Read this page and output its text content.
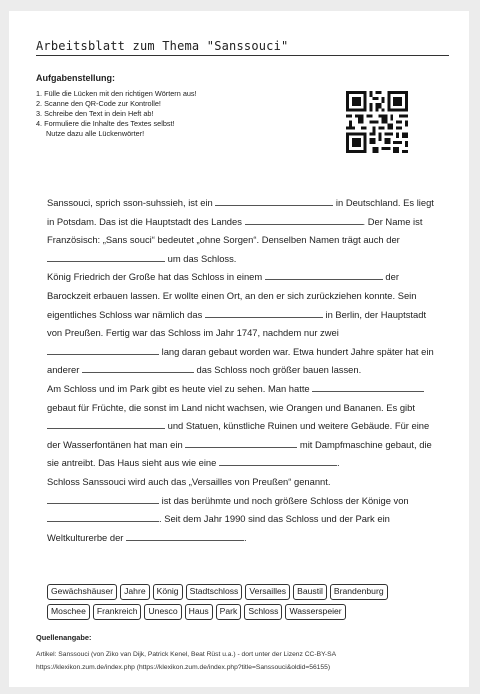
Arbeitsblatt zum Thema "Sanssouci"
Aufgabenstellung:
1. Fülle die Lücken mit den richtigen Wörtern aus!
2. Scanne den QR-Code zur Kontrolle!
3. Schreibe den Text in dein Heft ab!
4. Formuliere die Inhalte des Textes selbst!
Nutze dazu alle Lückenwörter!

Sanssouci, sprich sson-suhssieh, ist ein	in Deutschland. Es liegt in Potsdam. Das ist die Hauptstadt des Landes	. Der Name ist Französisch: „Sans souci“ bedeutet „ohne Sorgen“. Denselben Namen trägt auch der  um das Schloss.

König Friedrich der Große hat das Schloss in einem	der Barockzeit erbauen lassen. Er wollte einen Ort, an den er sich zurückziehen konnte. Sein eigentliches Schloss war nämlich das	in Berlin, der Hauptstadt von Preußen. Fertig war das Schloss im Jahr 1747, nachdem nur zwei  lang daran gebaut worden war. Etwa hundert Jahre später hat ein anderer	das Schloss noch größer bauen lassen.

Am Schloss und im Park gibt es heute viel zu sehen. Man hatte  gebaut für Früchte, die sonst im Land nicht wachsen, wie Orangen und Bananen. Es gibt  und Statuen, künstliche Ruinen und weitere Gebäude. Für eine der Wasserfontänen hat man ein	mit Dampfmaschine gebaut, die sie antreibt. Das Haus sieht aus wie eine	.

Schloss Sanssouci wird auch das „Versailles von Preußen“ genannt.
ist das berühmte und noch größere Schloss der Könige von . Seit dem Jahr 1990 sind das Schloss und der Park ein Weltkulturerbe der	.

Gewächshäuser	Jahre	König	Stadtschloss	Versailles	Baustil	Brandenburg
Moschee	Frankreich	Unesco	Haus	Park	Schloss	Wasserspeier
Quellenangabe:
Artikel: Sanssouci (von Ziko van Dijk, Patrick Kenel, Beat Rüst u.a.) - dort unter der Lizenz CC-BY-SA
https://klexikon.zum.de/index.php (https://klexikon.zum.de/index.php?title=Sanssouci&oldid=56155)
